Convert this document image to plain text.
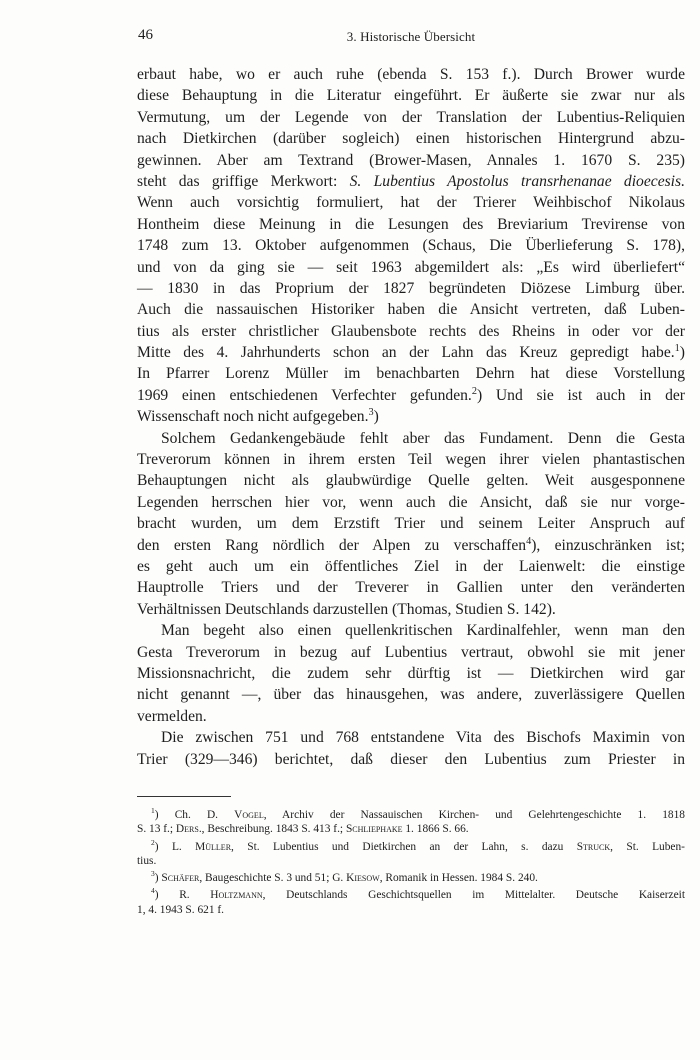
46	3. Historische Übersicht
erbaut habe, wo er auch ruhe (ebenda S. 153 f.). Durch Brower wurde
diese Behauptung in die Literatur eingeführt. Er äußerte sie zwar nur als
Vermutung, um der Legende von der Translation der Lubentius-Reliquien
nach Dietkirchen (darüber sogleich) einen historischen Hintergrund abzu-
gewinnen. Aber am Textrand (Brower-Masen, Annales 1. 1670 S. 235)
steht das griffige Merkwort: S. Lubentius Apostolus transrhenanae dioecesis.
Wenn auch vorsichtig formuliert, hat der Trierer Weihbischof Nikolaus
Hontheim diese Meinung in die Lesungen des Breviarium Trevirense von
1748 zum 13. Oktober aufgenommen (Schaus, Die Überlieferung S. 178),
und von da ging sie — seit 1963 abgemildert als: „Es wird überliefert“
— 1830 in das Proprium der 1827 begründeten Diözese Limburg über.
Auch die nassauischen Historiker haben die Ansicht vertreten, daß Luben-
tius als erster christlicher Glaubensbote rechts des Rheins in oder vor der
Mitte des 4. Jahrhunderts schon an der Lahn das Kreuz gepredigt habe.$^1$)
In Pfarrer Lorenz Müller im benachbarten Dehrn hat diese Vorstellung
1969 einen entschiedenen Verfechter gefunden.$^2$) Und sie ist auch in der
Wissenschaft noch nicht aufgegeben.$^3$)
Solchem Gedankengebäude fehlt aber das Fundament. Denn die Gesta
Treverorum können in ihrem ersten Teil wegen ihrer vielen phantastischen
Behauptungen nicht als glaubwürdige Quelle gelten. Weit ausgesponnene
Legenden herrschen hier vor, wenn auch die Ansicht, daß sie nur vorge-
bracht wurden, um dem Erzstift Trier und seinem Leiter Anspruch auf
den ersten Rang nördlich der Alpen zu verschaffen$^4$), einzuschränken ist;
es geht auch um ein öffentliches Ziel in der Laienwelt: die einstige
Hauptrolle Triers und der Treverer in Gallien unter den veränderten
Verhältnissen Deutschlands darzustellen (Thomas, Studien S. 142).
Man begeht also einen quellenkritischen Kardinalfehler, wenn man den
Gesta Treverorum in bezug auf Lubentius vertraut, obwohl sie mit jener
Missionsnachricht, die zudem sehr dürftig ist — Dietkirchen wird gar
nicht genannt —, über das hinausgehen, was andere, zuverlässigere Quellen
vermelden.
Die zwischen 751 und 768 entstandene Vita des Bischofs Maximin von
Trier (329—346) berichtet, daß dieser den Lubentius zum Priester in
$^1$) Ch. D. Vogel, Archiv der Nassauischen Kirchen- und Gelehrtengeschichte 1. 1818
S. 13 f.; Ders., Beschreibung. 1843 S. 413 f.; Schliephake 1. 1866 S. 66.
$^2$) L. Müller, St. Lubentius und Dietkirchen an der Lahn, s. dazu Struck, St. Luben-
tius.
$^3$) Schäfer, Baugeschichte S. 3 und 51; G. Kiesow, Romanik in Hessen. 1984 S. 240.
$^4$) R. Holtzmann, Deutschlands Geschichtsquellen im Mittelalter. Deutsche Kaiserzeit
1, 4. 1943 S. 621 f.
